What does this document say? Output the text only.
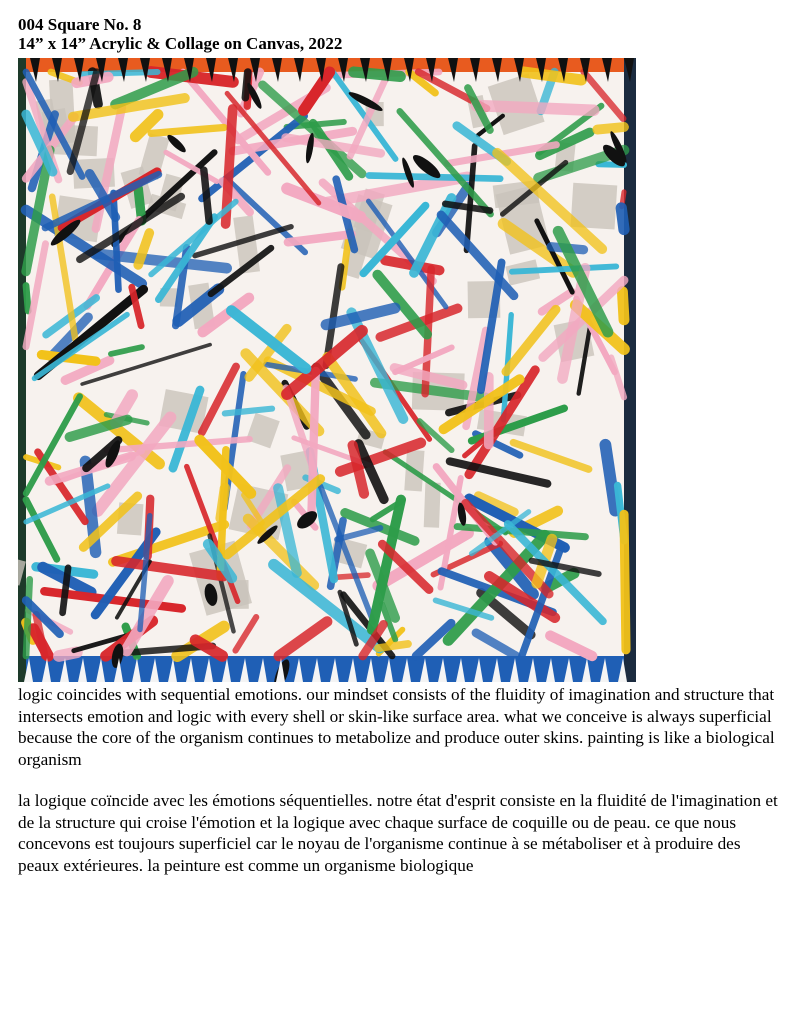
004 Square No. 8
14” x 14” Acrylic & Collage on Canvas, 2022
logic coincides with sequential emotions. our mindset consists of the fluidity of imagination and structure that intersects emotion and logic with every shell or skin-like surface area. what we conceive is always superficial because the core of the organism continues to metabolize and produce outer skins. painting is like a biological organism
la logique coïncide avec les émotions séquentielles. notre état d'esprit consiste en la fluidité de l'imagination et de la structure qui croise l'émotion et la logique avec chaque surface de coquille ou de peau. ce que nous concevons est toujours superficiel car le noyau de l'organisme continue à se métaboliser et à produire des peaux extérieures. la peinture est comme un organisme biologique
